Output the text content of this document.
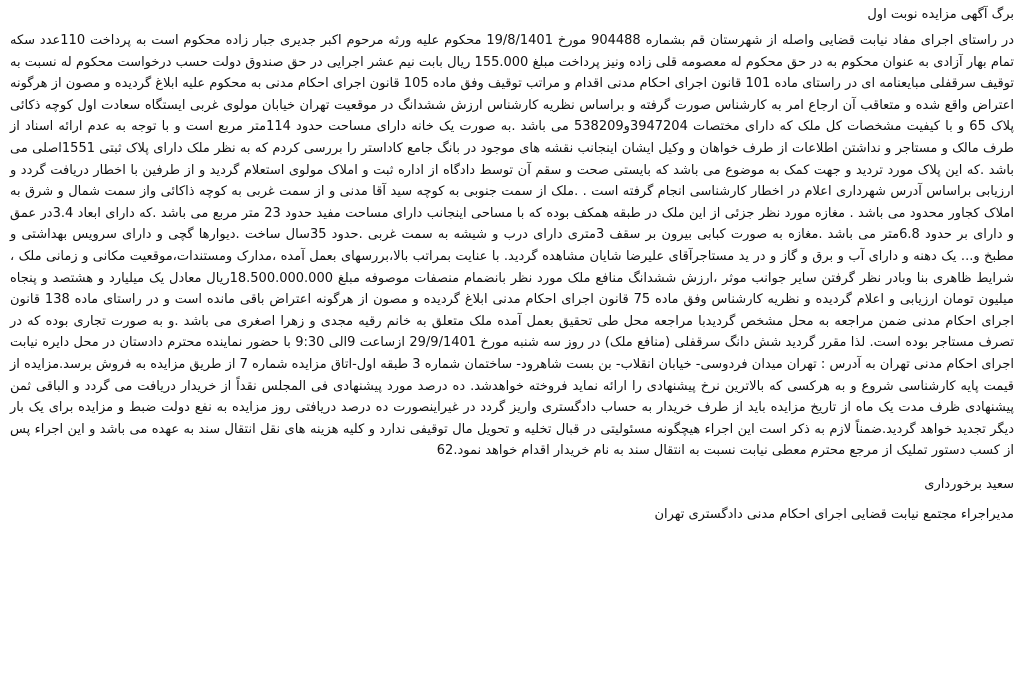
برگ آگهی مزایده نوبت اول

در راستای اجرای مفاد نیابت قضایی واصله از شهرستان قم بشماره 904488 مورخ 19/8/1401 محکوم علیه ورثه مرحوم اکبر جدیری جبار زاده محکوم است به پرداخت 110عدد سکه تمام بهار آزادی به عنوان محکوم به در حق محکوم له معصومه قلی زاده ونیز پرداخت مبلغ 155.000 ریال بابت نیم عشر اجرایی در حق صندوق دولت حسب درخواست محکوم له نسبت به توقیف سرقفلی مبایعنامه ای در راستای ماده 101 قانون اجرای احکام مدنی اقدام و مراتب توقیف وفق ماده 105 قانون اجرای احکام مدنی به محکوم علیه ابلاغ گردیده و مصون از هرگونه اعتراض واقع شده و متعاقب آن ارجاع امر به کارشناس صورت گرفته و براساس نظریه کارشناس ارزش ششدانگ در موقعیت تهران خیابان مولوی غربی ایستگاه سعادت اول کوچه ذکائی پلاک 65 و با کیفیت مشخصات کل ملک که دارای مختصات 3947204و538209 می باشد .به صورت یک خانه دارای مساحت حدود 114متر مربع است و با توجه به عدم ارائه اسناد از طرف مالک و مستاجر و نداشتن اطلاعات از طرف خواهان و وکیل ایشان اینجانب نقشه های موجود در بانگ جامع کاداستر را بررسی کردم که به نظر ملک دارای پلاک ثبتی 1551اصلی می باشد .که این پلاک مورد تردید و جهت کمک به موضوع می باشد که بایستی صحت و سقم آن توسط دادگاه از اداره ثبت و املاک مولوی استعلام گردید و از طرفین با اخطار دریافت گردد و ارزیابی براساس آدرس شهرداری اعلام در اخطار کارشناسی انجام گرفته است . .ملک از سمت جنوبی به کوچه سید آقا مدنی و از سمت غربی به کوچه ذاکائی واز سمت شمال و شرق به املاک کجاور محدود می باشد . مغازه مورد نظر جزئی از این ملک در طبقه همکف بوده که با مساحی اینجانب دارای مساحت مفید حدود 23 متر مربع می باشد .که دارای ابعاد 3.4در عمق و دارای بر حدود 6.8متر می باشد .مغازه به صورت کبابی بیرون بر سقف 3متری دارای درب و شیشه به سمت غربی .حدود 35سال ساخت .دیوارها گچی و دارای سرویس بهداشتی و مطبخ و... یک دهنه و دارای آب و برق و گاز و در ید مستاجرآقای علیرضا شایان مشاهده گردید. با عنایت بمراتب بالا،بررسهای بعمل آمده ،مدارک ومستندات،موقعیت مکانی و زمانی ملک ، شرایط ظاهری بنا وبادر نظر گرفتن سایر جوانب موثر ،ارزش ششدانگ منافع ملک مورد نظر بانضمام منصفات موصوفه مبلغ 18.500.000.000ریال معادل یک میلیارد و هشتصد و پنجاه میلیون تومان ارزیابی و اعلام گردیده و نظریه کارشناس وفق ماده 75 قانون اجرای احکام مدنی ابلاغ گردیده و مصون از هرگونه اعتراض باقی مانده است و در راستای ماده 138 قانون اجرای احکام مدنی ضمن مراجعه به محل مشخص گردیدبا مراجعه محل طی تحقیق بعمل آمده ملک متعلق به خانم رقیه مجدی و زهرا اصغری می باشد .و به صورت تجاری بوده که در تصرف مستاجر بوده است. لذا مقرر گردید شش دانگ سرقفلی (منافع ملک) در روز سه شنبه مورخ 29/9/1401 ازساعت 9الی 9:30 با حضور نماینده محترم دادستان در محل دایره نیابت اجرای احکام مدنی تهران به آدرس : تهران میدان فردوسی- خیابان انقلاب- بن بست شاهرود- ساختمان شماره 3 طبقه اول-اتاق مزایده شماره 7 از طریق مزایده به فروش برسد.مزایده از قیمت پایه کارشناسی شروع و به هرکسی که بالاترین نرخ پیشنهادی را ارائه نماید فروخته خواهدشد. ده درصد مورد پیشنهادی فی المجلس نقداً از خریدار دریافت می گردد و الباقی ثمن پیشنهادی ظرف مدت یک ماه از تاریخ مزایده باید از طرف خریدار به حساب دادگستری واریز گردد در غیراینصورت ده درصد دریافتی روز مزایده به نفع دولت ضبط و مزایده برای یک بار دیگر تجدید خواهد گردید.ضمناً لازم به ذکر است این اجراء هیچگونه مسئولیتی در قبال تخلیه و تحویل مال توقیفی ندارد و کلیه هزینه های نقل انتقال سند به عهده می باشد و این اجراء پس از کسب دستور تملیک از مرجع محترم معطی نیابت نسبت به انتقال سند به نام خریدار اقدام خواهد نمود.62

سعید برخورداری
مدیراجراء مجتمع نیابت قضایی اجرای احکام مدنی دادگستری تهران
